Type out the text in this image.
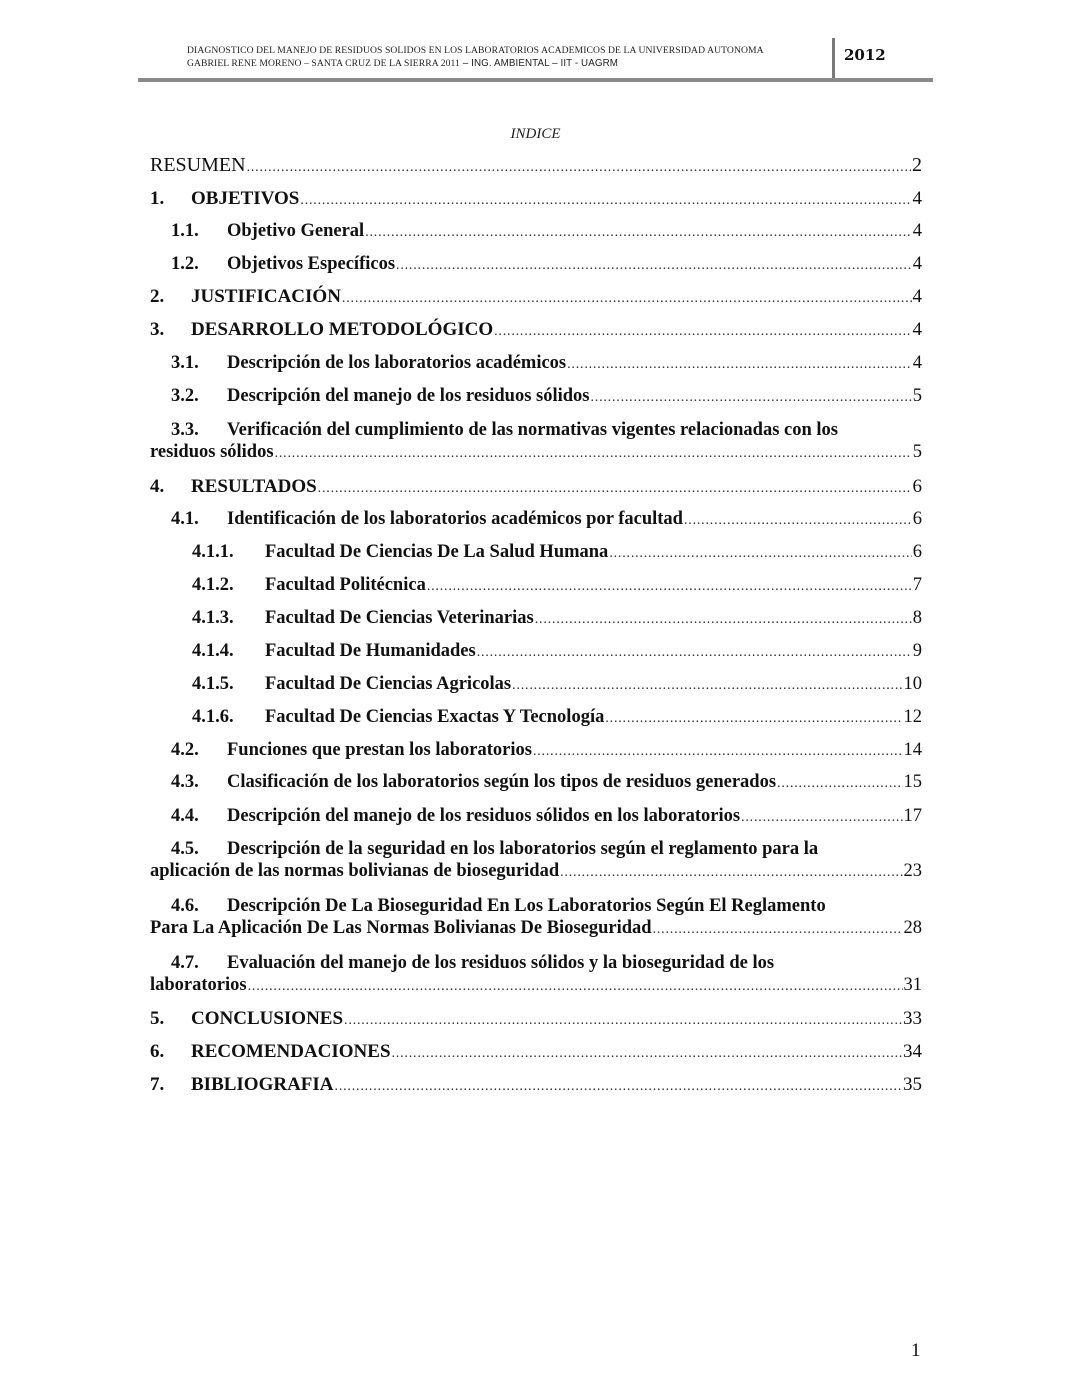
DIAGNOSTICO DEL MANEJO DE RESIDUOS SOLIDOS EN LOS LABORATORIOS ACADEMICOS DE LA UNIVERSIDAD AUTONOMA
GABRIEL RENE MORENO – SANTA CRUZ DE LA SIERRA 2011 – ING. AMBIENTAL – IIT - UAGRM	2012
INDICE
RESUMEN . . .	2
1.	OBJETIVOS . . .	4
1.1.	Objetivo General . . .	4
1.2.	Objetivos Específicos . . .	4
2.	JUSTIFICACIÓN . . .	4
3.	DESARROLLO METODOLÓGICO . . .	4
3.1.	Descripción de los laboratorios académicos . . .	4
3.2.	Descripción del manejo de los residuos sólidos . . .	5
3.3. Verificación del cumplimiento de las normativas vigentes relacionadas con los
residuos sólidos . . .	5
4.	RESULTADOS . . .	6
4.1.	Identificación de los laboratorios académicos por facultad . . .	6
4.1.1.	Facultad De Ciencias De La Salud Humana . . .	6
4.1.2.	Facultad Politécnica . . .	7
4.1.3.	Facultad De Ciencias Veterinarias . . .	8
4.1.4.	Facultad De Humanidades . . .	9
4.1.5.	Facultad De Ciencias Agricolas . . .	10
4.1.6.	Facultad De Ciencias Exactas Y Tecnología . . .	12
4.2.	Funciones que prestan los laboratorios . . .	14
4.3.	Clasificación de los laboratorios según los tipos de residuos generados . . .	15
4.4.	Descripción del manejo de los residuos sólidos en los laboratorios . . .	17
4.5. Descripción de la seguridad en los laboratorios según el reglamento para la
aplicación de las normas bolivianas de bioseguridad . . .	23
4.6. Descripción De La Bioseguridad En Los Laboratorios Según El Reglamento
Para La Aplicación De Las Normas Bolivianas De Bioseguridad . . .	28
4.7. Evaluación del manejo de los residuos sólidos y la bioseguridad de los
laboratorios . . .	31
5.	CONCLUSIONES . . .	33
6.	RECOMENDACIONES . . .	34
7.	BIBLIOGRAFIA . . .	35
1
